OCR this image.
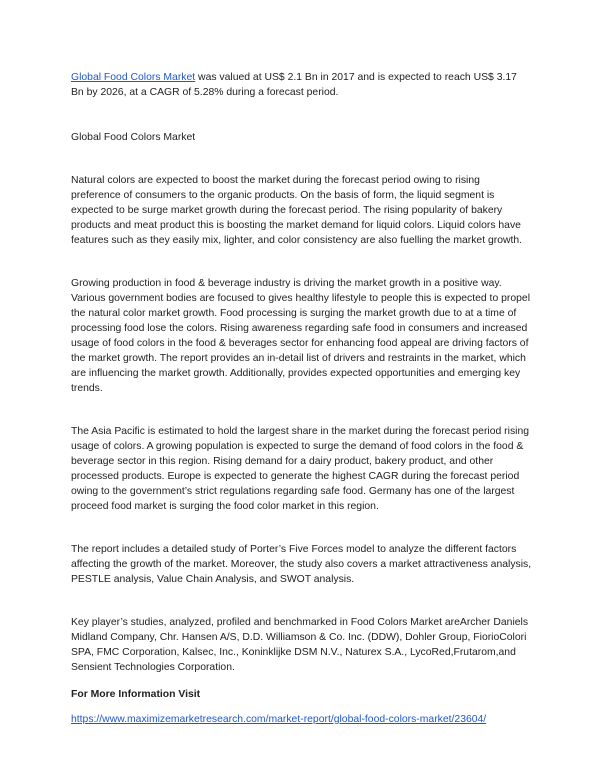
Global Food Colors Market was valued at US$ 2.1 Bn in 2017 and is expected to reach US$ 3.17 Bn by 2026, at a CAGR of 5.28% during a forecast period.

Global Food Colors Market

Natural colors are expected to boost the market during the forecast period owing to rising preference of consumers to the organic products. On the basis of form, the liquid segment is expected to be surge market growth during the forecast period. The rising popularity of bakery products and meat product this is boosting the market demand for liquid colors. Liquid colors have features such as they easily mix, lighter, and color consistency are also fuelling the market growth.

Growing production in food & beverage industry is driving the market growth in a positive way. Various government bodies are focused to gives healthy lifestyle to people this is expected to propel the natural color market growth. Food processing is surging the market growth due to at a time of processing food lose the colors. Rising awareness regarding safe food in consumers and increased usage of food colors in the food & beverages sector for enhancing food appeal are driving factors of the market growth. The report provides an in-detail list of drivers and restraints in the market, which are influencing the market growth. Additionally, provides expected opportunities and emerging key trends.

The Asia Pacific is estimated to hold the largest share in the market during the forecast period rising usage of colors. A growing population is expected to surge the demand of food colors in the food & beverage sector in this region. Rising demand for a dairy product, bakery product, and other processed products. Europe is expected to generate the highest CAGR during the forecast period owing to the government’s strict regulations regarding safe food. Germany has one of the largest proceed food market is surging the food color market in this region.

The report includes a detailed study of Porter’s Five Forces model to analyze the different factors affecting the growth of the market. Moreover, the study also covers a market attractiveness analysis, PESTLE analysis, Value Chain Analysis, and SWOT analysis.

Key player’s studies, analyzed, profiled and benchmarked in Food Colors Market areArcher Daniels Midland Company, Chr. Hansen A/S, D.D. Williamson & Co. Inc. (DDW), Dohler Group, FiorioColori SPA, FMC Corporation, Kalsec, Inc., Koninklijke DSM N.V., Naturex S.A., LycoRed,Frutarom,and Sensient Technologies Corporation.

For More Information Visit

https://www.maximizemarketresearch.com/market-report/global-food-colors-market/23604/
